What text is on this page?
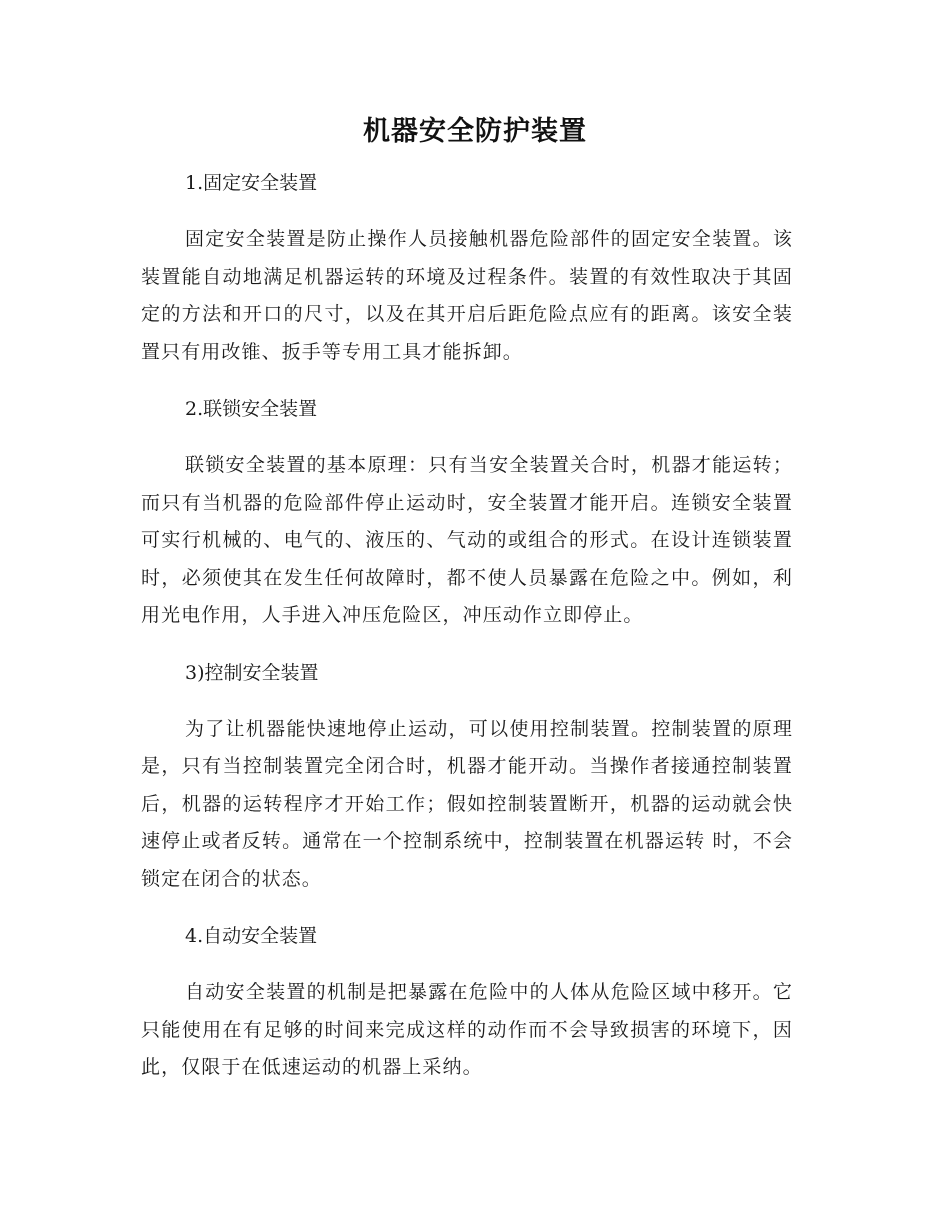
机器安全防护装置

1.固定安全装置

固定安全装置是防止操作人员接触机器危险部件的固定安全装置。该装置能自动地满足机器运转的环境及过程条件。装置的有效性取决于其固定的方法和开口的尺寸，以及在其开启后距危险点应有的距离。该安全装置只有用改锥、扳手等专用工具才能拆卸。

2.联锁安全装置

联锁安全装置的基本原理：只有当安全装置关合时，机器才能运转；而只有当机器的危险部件停止运动时，安全装置才能开启。连锁安全装置可实行机械的、电气的、液压的、气动的或组合的形式。在设计连锁装置时，必须使其在发生任何故障时，都不使人员暴露在危险之中。例如，利用光电作用，人手进入冲压危险区，冲压动作立即停止。

3)控制安全装置

为了让机器能快速地停止运动，可以使用控制装置。控制装置的原理是，只有当控制装置完全闭合时，机器才能开动。当操作者接通控制装置后，机器的运转程序才开始工作；假如控制装置断开，机器的运动就会快速停止或者反转。通常在一个控制系统中，控制装置在机器运转 时，不会锁定在闭合的状态。

4.自动安全装置

自动安全装置的机制是把暴露在危险中的人体从危险区域中移开。它只能使用在有足够的时间来完成这样的动作而不会导致损害的环境下，因此，仅限于在低速运动的机器上采纳。
